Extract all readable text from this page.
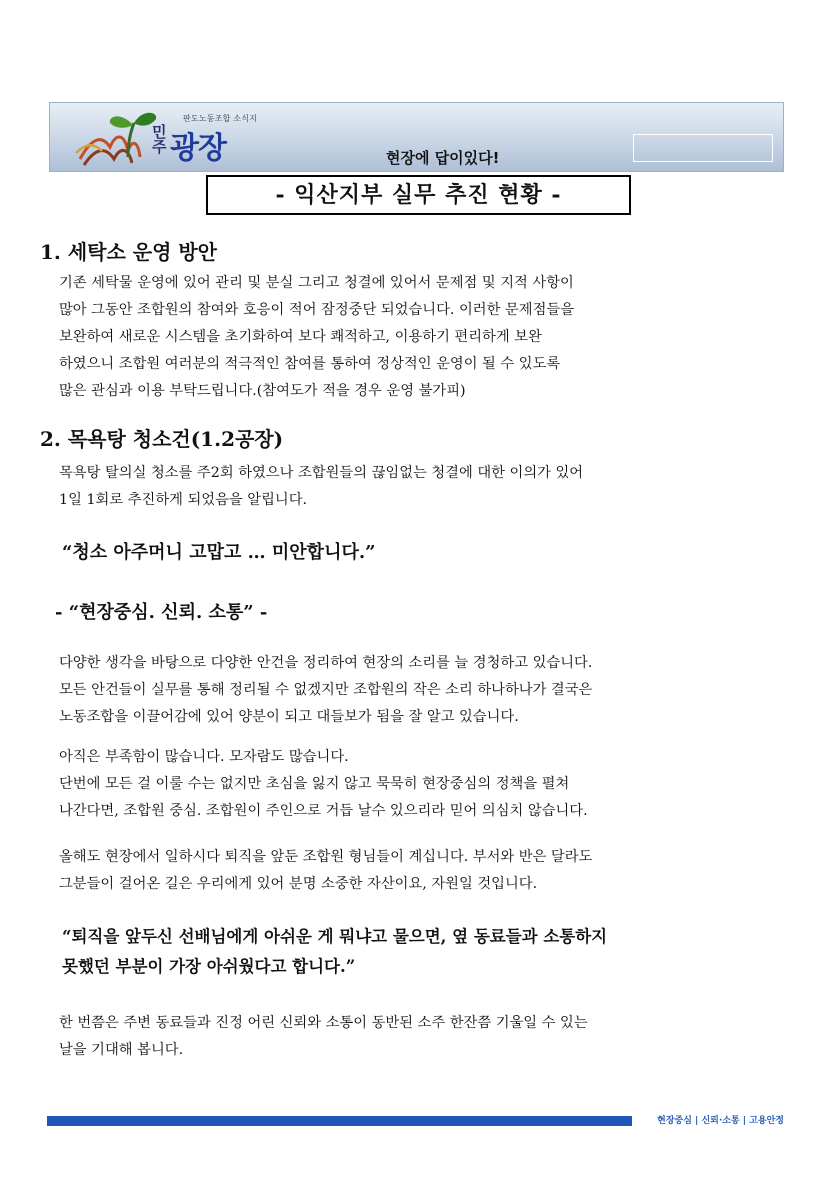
판도노동조합 소식지
민주 광장	현장에 답이있다!
- 익산지부 실무 추진 현황 -
1. 세탁소 운영 방안

기존 세탁물 운영에 있어 관리 및 분실 그리고 청결에 있어서 문제점 및 지적 사항이

많아 그동안 조합원의 참여와 호응이 적어 잠정중단 되었습니다. 이러한 문제점들을

보완하여 새로운 시스템을 초기화하여 보다 쾌적하고, 이용하기 편리하게 보완

하였으니 조합원 여러분의 적극적인 참여를 통하여 정상적인 운영이 될 수 있도록

많은 관심과 이용 부탁드립니다.(참여도가 적을 경우 운영 불가피)

2. 목욕탕 청소건(1.2공장)

목욕탕 탈의실 청소를 주2회 하였으나 조합원들의 끊임없는 청결에 대한 이의가 있어

1일 1회로 추진하게 되었음을 알립니다.

“청소 아주머니 고맙고 … 미안합니다.”

- “현장중심. 신뢰. 소통” -

다양한 생각을 바탕으로 다양한 안건을 정리하여 현장의 소리를 늘 경청하고 있습니다.

모든 안건들이 실무를 통해 정리될 수 없겠지만 조합원의 작은 소리 하나하나가 결국은

노동조합을 이끌어감에 있어 양분이 되고 대들보가 됨을 잘 알고 있습니다.

아직은 부족함이 많습니다. 모자람도 많습니다.

단번에 모든 걸 이룰 수는 없지만 초심을 잃지 않고 묵묵히 현장중심의 정책을 펼쳐

나간다면, 조합원 중심. 조합원이 주인으로 거듭 날수 있으리라 믿어 의심치 않습니다.

올해도 현장에서 일하시다 퇴직을 앞둔 조합원 형님들이 계십니다. 부서와 반은 달라도

그분들이 걸어온 길은 우리에게 있어 분명 소중한 자산이요, 자원일 것입니다.

“퇴직을 앞두신 선배님에게 아쉬운 게 뭐냐고 물으면, 옆 동료들과 소통하지

못했던 부분이 가장 아쉬웠다고 합니다.”

한 번쯤은 주변 동료들과 진정 어린 신뢰와 소통이 동반된 소주 한잔쯤 기울일 수 있는

날을 기대해 봅니다.

현장중심 | 신뢰·소통 | 고용안정
